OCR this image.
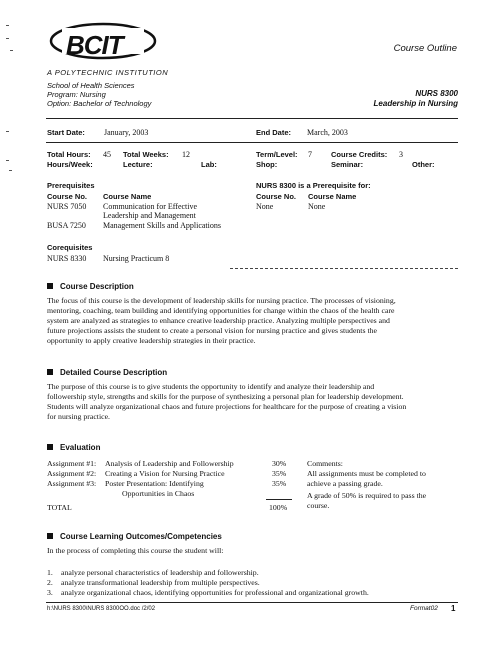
BCIT
A POLYTECHNIC INSTITUTION
School of Health Sciences
Program: Nursing
Option: Bachelor of Technology
Course Outline
NURS 8300
Leadership in Nursing
Start Date: January, 2003	End Date: March, 2003
Total Hours: 45 Total Weeks: 12	Term/Level: 7	Course Credits: 3
Hours/Week:	Lecture:	Lab:	Shop:	Seminar:	Other:
Prerequisites
Course No. Course Name
NURS 7050 Communication for Effective
Leadership and Management
BUSA 7250 Management Skills and Applications
NURS 8300 is a Prerequisite for:
Course No. Course Name
None	None
Corequisites
NURS 8330 Nursing Practicum 8
Course Description
The focus of this course is the development of leadership skills for nursing practice. The processes of visioning,
mentoring, coaching, team building and identifying opportunities for change within the chaos of the health care
system are analyzed as strategies to enhance creative leadership practice. Analyzing multiple perspectives and
future projections assists the student to create a personal vision for nursing practice and gives students the
opportunity to apply creative leadership strategies in their practice.
Detailed Course Description
The purpose of this course is to give students the opportunity to identify and analyze their leadership and
followership style, strengths and skills for the purpose of synthesizing a personal plan for leadership development.
Students will analyze organizational chaos and future projections for healthcare for the purpose of creating a vision
for nursing practice.
Evaluation
Assignment #1: Analysis of Leadership and Followership	30%
Assignment #2: Creating a Vision for Nursing Practice	35%
Assignment #3: Poster Presentation: Identifying
Opportunities in Chaos
35%
TOTAL	100%
Comments:
All assignments must be completed to
achieve a passing grade.
A grade of 50% is required to pass the
course.
Course Learning Outcomes/Competencies
In the process of completing this course the student will:
1. analyze personal characteristics of leadership and followership.
2. analyze transformational leadership from multiple perspectives.
3. analyze organizational chaos, identifying opportunities for professional and organizational growth.
h:\NURS 8300\NURS 8300OO.doc /2/02	Format02 1
